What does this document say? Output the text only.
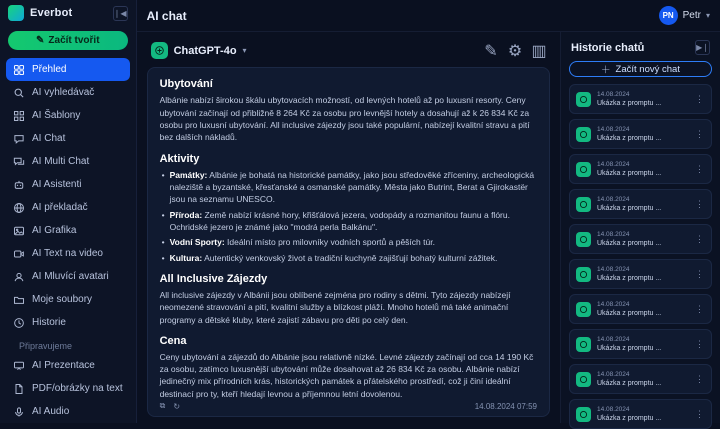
Everbot	❘◀
✎ Začít tvořit
Přehled
AI vyhledávač
AI Šablony
AI Chat
AI Multi Chat
AI Asistenti
AI překladač
AI Grafika
AI Text na video
AI Mluvící avatari
Moje soubory
Historie
Připravujeme
AI Prezentace
PDF/obrázky na text
AI Audio
AI chat	PN Petr ▾
ChatGPT-4o ▾	✎ ⚙ ▥
Ubytování

Albánie nabízí širokou škálu ubytovacích možností, od levných hotelů až po luxusní resorty. Ceny ubytování začínají od přibližně 8 264 Kč za osobu pro levnější hotely a dosahují až k 26 834 Kč za osobu pro luxusní ubytování. All inclusive zájezdy jsou také populární, nabízejí kvalitní stravu a pití bez dalších nákladů.

Aktivity
• Památky: Albánie je bohatá na historické památky, jako jsou středověké zříceniny, archeologická naleziště a byzantské, křesťanské a osmanské památky. Města jako Butrint, Berat a Gjirokastër jsou na seznamu UNESCO.
• Příroda: Země nabízí krásné hory, křišťálová jezera, vodopády a rozmanitou faunu a flóru. Ochridské jezero je známé jako "modrá perla Balkánu".
• Vodní Sporty: Ideální místo pro milovníky vodních sportů a pěších túr.
• Kultura: Autentický venkovský život a tradiční kuchyně zajišťují bohatý kulturní zážitek.
All Inclusive Zájezdy

All inclusive zájezdy v Albánii jsou oblíbené zejména pro rodiny s dětmi. Tyto zájezdy nabízejí neomezené stravování a pití, kvalitní služby a blízkost pláží. Mnoho hotelů má také animační programy a dětské kluby, které zajistí zábavu pro děti po celý den.

Cena

Ceny ubytování a zájezdů do Albánie jsou relativně nízké. Levné zájezdy začínají od cca 14 190 Kč za osobu, zatímco luxusnější ubytování může dosahovat až 26 834 Kč za osobu. Albánie nabízí jedinečný mix přírodních krás, historických památek a přátelského prostředí, což ji činí ideální destinací pro ty, kteří hledají levnou a příjemnou letní dovolenou.

⧉ ↻	14.08.2024 07:59
Historie chatů	▶❘
＋ Začít nový chat
14.08.2024
Ukázka z promptu ...	⋮
14.08.2024
Ukázka z promptu ...	⋮
14.08.2024
Ukázka z promptu ...	⋮
14.08.2024
Ukázka z promptu ...	⋮
14.08.2024
Ukázka z promptu ...	⋮
14.08.2024
Ukázka z promptu ...	⋮
14.08.2024
Ukázka z promptu ...	⋮
14.08.2024
Ukázka z promptu ...	⋮
14.08.2024
Ukázka z promptu ...	⋮
14.08.2024
Ukázka z promptu ...	⋮
